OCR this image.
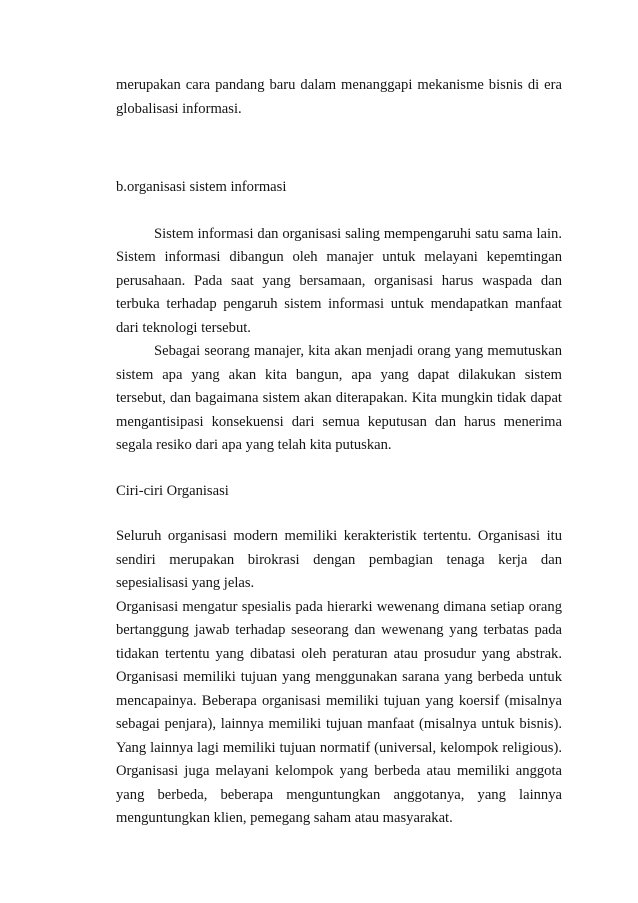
merupakan cara pandang baru dalam menanggapi mekanisme bisnis di era globalisasi informasi.

b.organisasi sistem informasi

Sistem informasi dan organisasi saling mempengaruhi satu sama lain. Sistem informasi dibangun oleh manajer untuk melayani kepemtingan perusahaan. Pada saat yang bersamaan, organisasi harus waspada dan terbuka terhadap pengaruh sistem informasi untuk mendapatkan manfaat dari teknologi tersebut.

Sebagai seorang manajer, kita akan menjadi orang yang memutuskan sistem apa yang akan kita bangun, apa yang dapat dilakukan sistem tersebut, dan bagaimana sistem akan diterapakan. Kita mungkin tidak dapat mengantisipasi konsekuensi dari semua keputusan dan harus menerima segala resiko dari apa yang telah kita putuskan.

Ciri-ciri Organisasi

Seluruh organisasi modern memiliki kerakteristik tertentu. Organisasi itu sendiri merupakan birokrasi dengan pembagian tenaga kerja dan sepesialisasi yang jelas.

Organisasi mengatur spesialis pada hierarki wewenang dimana setiap orang bertanggung jawab terhadap seseorang dan wewenang yang terbatas pada tidakan tertentu yang dibatasi oleh peraturan atau prosudur yang abstrak. Organisasi memiliki tujuan yang menggunakan sarana yang berbeda untuk mencapainya. Beberapa organisasi memiliki tujuan yang koersif (misalnya sebagai penjara), lainnya memiliki tujuan manfaat (misalnya untuk bisnis). Yang lainnya lagi memiliki tujuan normatif (universal, kelompok religious). Organisasi juga melayani kelompok yang berbeda atau memiliki anggota yang berbeda, beberapa menguntungkan anggotanya, yang lainnya menguntungkan klien, pemegang saham atau masyarakat.
